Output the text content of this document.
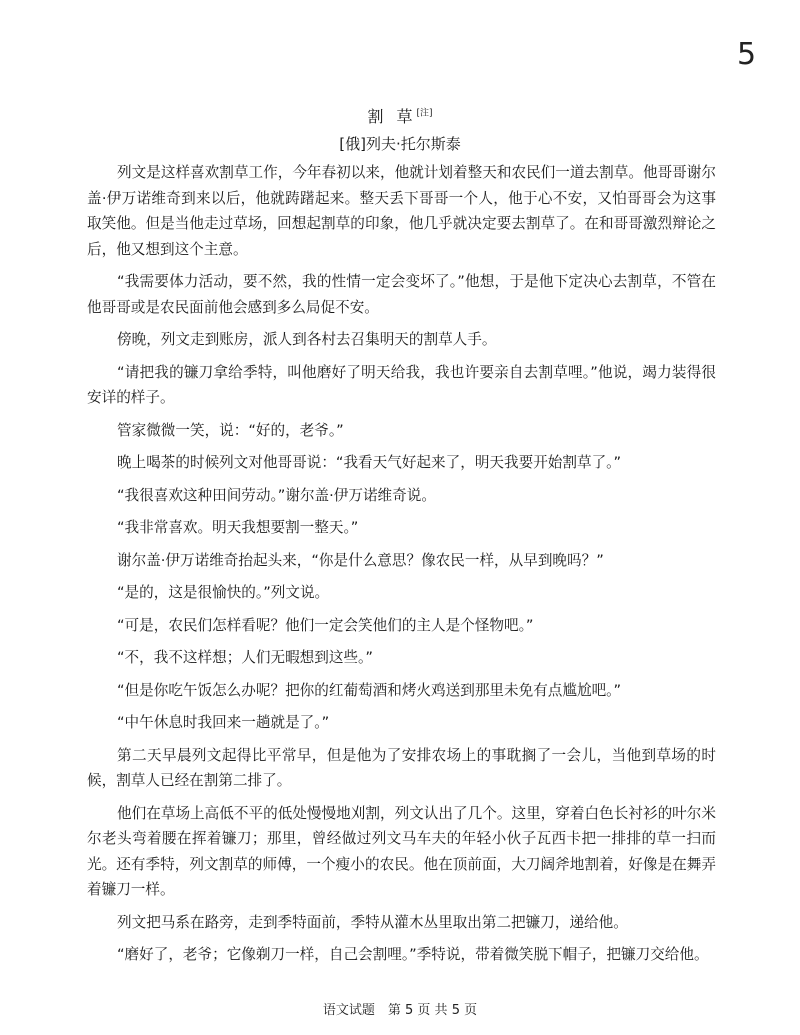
5
割 草[注]
[俄]列夫·托尔斯泰

列文是这样喜欢割草工作，今年春初以来，他就计划着整天和农民们一道去割草。他哥哥谢尔盖·伊万诺维奇到来以后，他就踌躇起来。整天丢下哥哥一个人，他于心不安，又怕哥哥会为这事取笑他。但是当他走过草场，回想起割草的印象，他几乎就决定要去割草了。在和哥哥激烈辩论之后，他又想到这个主意。

“我需要体力活动，要不然，我的性情一定会变坏了。”他想，于是他下定决心去割草，不管在他哥哥或是农民面前他会感到多么局促不安。

傍晚，列文走到账房，派人到各村去召集明天的割草人手。

“请把我的镰刀拿给季特，叫他磨好了明天给我，我也许要亲自去割草哩。”他说，竭力装得很安详的样子。

管家微微一笑，说：“好的，老爷。”

晚上喝茶的时候列文对他哥哥说：“我看天气好起来了，明天我要开始割草了。”

“我很喜欢这种田间劳动。”谢尔盖·伊万诺维奇说。

“我非常喜欢。明天我想要割一整天。”

谢尔盖·伊万诺维奇抬起头来，“你是什么意思？像农民一样，从早到晚吗？”

“是的，这是很愉快的。”列文说。

“可是，农民们怎样看呢？他们一定会笑他们的主人是个怪物吧。”

“不，我不这样想；人们无暇想到这些。”

“但是你吃午饭怎么办呢？把你的红葡萄酒和烤火鸡送到那里未免有点尴尬吧。”

“中午休息时我回来一趟就是了。”

第二天早晨列文起得比平常早，但是他为了安排农场上的事耽搁了一会儿，当他到草场的时候，割草人已经在割第二排了。

他们在草场上高低不平的低处慢慢地刈割，列文认出了几个。这里，穿着白色长衬衫的叶尔米尔老头弯着腰在挥着镰刀；那里，曾经做过列文马车夫的年轻小伙子瓦西卡把一排排的草一扫而光。还有季特，列文割草的师傅，一个瘦小的农民。他在顶前面，大刀阔斧地割着，好像是在舞弄着镰刀一样。

列文把马系在路旁，走到季特面前，季特从灌木丛里取出第二把镰刀，递给他。

“磨好了，老爷；它像剃刀一样，自己会割哩。”季特说，带着微笑脱下帽子，把镰刀交给他。

语文试题　第 5 页 共 5 页
